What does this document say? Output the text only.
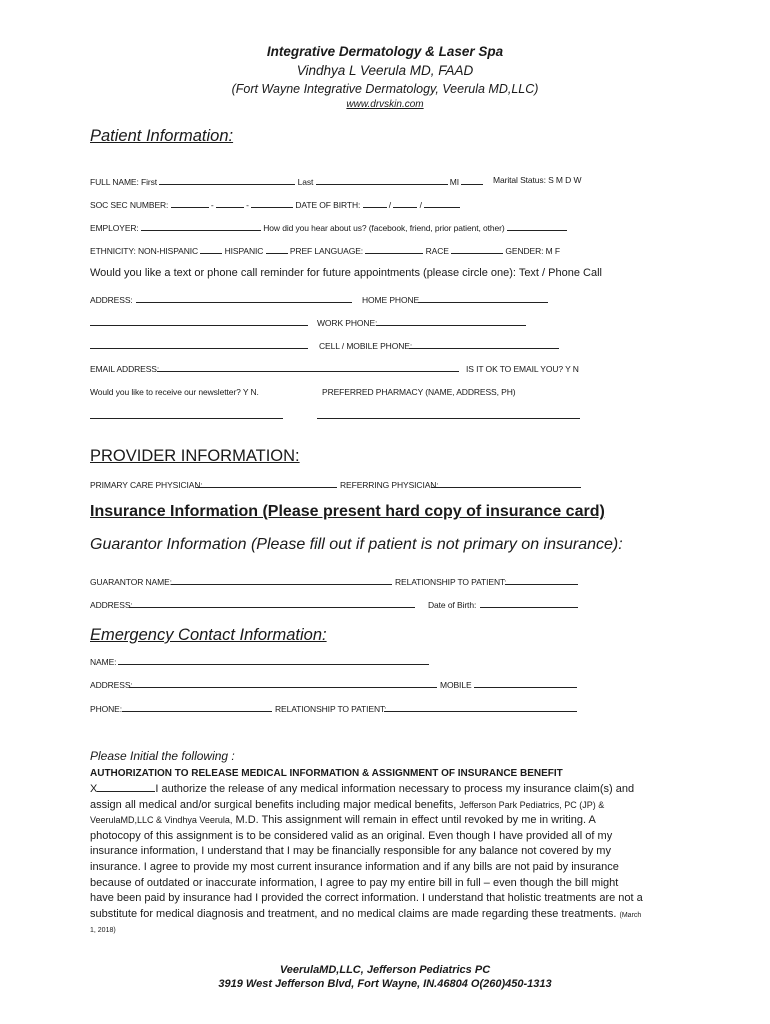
Integrative Dermatology & Laser Spa
Vindhya L Veerula MD, FAAD
(Fort Wayne Integrative Dermatology, Veerula MD,LLC)
www.drvskin.com
Patient Information:
FULL NAME: First	Last	MI	Marital Status: S M D W
SOC SEC NUMBER:	-	-	DATE OF BIRTH:	/	/
EMPLOYER:	How did you hear about us? (facebook, friend, prior patient, other)
ETHNICITY: NON-HISPANIC	HISPANIC	PREF LANGUAGE:	RACE	GENDER: M F
Would you like a text or phone call reminder for future appointments (please circle one): Text / Phone Call
ADDRESS:	HOME PHONE
WORK PHONE:
CELL / MOBILE PHONE:
EMAIL ADDRESS:	IS IT OK TO EMAIL YOU? Y N
Would you like to receive our newsletter? Y N.	PREFERRED PHARMACY (NAME, ADDRESS, PH)
PROVIDER INFORMATION:
PRIMARY CARE PHYSICIAN:	REFERRING PHYSICIAN:
Insurance Information (Please present hard copy of insurance card)
Guarantor Information (Please fill out if patient is not primary on insurance):
GUARANTOR NAME:	RELATIONSHIP TO PATIENT:
ADDRESS:	Date of Birth:
Emergency Contact Information:
NAME:
ADDRESS:	MOBILE
PHONE:	RELATIONSHIP TO PATIENT:
Please Initial the following :
AUTHORIZATION TO RELEASE MEDICAL INFORMATION & ASSIGNMENT OF INSURANCE BENEFIT
X	I authorize the release of any medical information necessary to process my insurance claim(s) and
assign all medical and/or surgical benefits including major medical benefits, Jefferson Park Pediatrics, PC (JP) &
VeerulaMD,LLC & Vindhya Veerula, M.D. This assignment will remain in effect until revoked by me in writing. A
photocopy of this assignment is to be considered valid as an original. Even though I have provided all of my
insurance information, I understand that I may be financially responsible for any balance not covered by my
insurance. I agree to provide my most current insurance information and if any bills are not paid by insurance
because of outdated or inaccurate information, I agree to pay my entire bill in full – even though the bill might
have been paid by insurance had I provided the correct information. I understand that holistic treatments are not a
substitute for medical diagnosis and treatment, and no medical claims are made regarding these treatments. (March
1, 2018)
VeerulaMD,LLC, Jefferson Pediatrics PC
3919 West Jefferson Blvd, Fort Wayne, IN.46804 O(260)450-1313
